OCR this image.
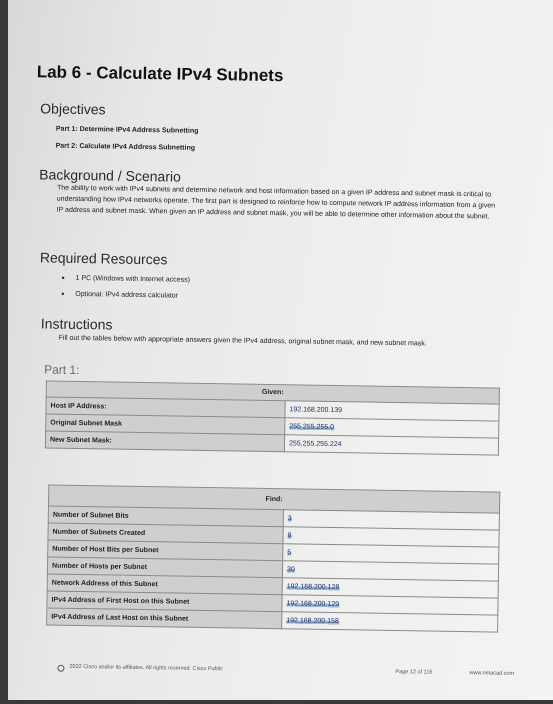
Lab 6 - Calculate IPv4 Subnets
Objectives
Part 1: Determine IPv4 Address Subnetting
Part 2: Calculate IPv4 Address Subnetting
Background / Scenario
The ability to work with IPv4 subnets and determine network and host information based on a given IP address and subnet mask is critical to understanding how IPv4 networks operate. The first part is designed to reinforce how to compute network IP address information from a given IP address and subnet mask. When given an IP address and subnet mask, you will be able to determine other information about the subnet.
Required Resources
• 1 PC (Windows with Internet access)
• Optional: IPv4 address calculator
Instructions
Fill out the tables below with appropriate answers given the IPv4 address, original subnet mask, and new subnet mask.
Part 1:
Given:	
Host IP Address:	192.168.200.139
Original Subnet Mask	255.255.255.0
New Subnet Mask:	255.255.255.224
Find:	
Number of Subnet Bits	3
Number of Subnets Created	8
Number of Host Bits per Subnet	5
Number of Hosts per Subnet	30
Network Address of this Subnet	192.168.200.128
IPv4 Address of First Host on this Subnet	192.168.200.129
IPv4 Address of Last Host on this Subnet	192.168.200.158
2022 Cisco and/or its affiliates. All rights reserved. Cisco Public
Page 12 of 116	www.netacad.com
